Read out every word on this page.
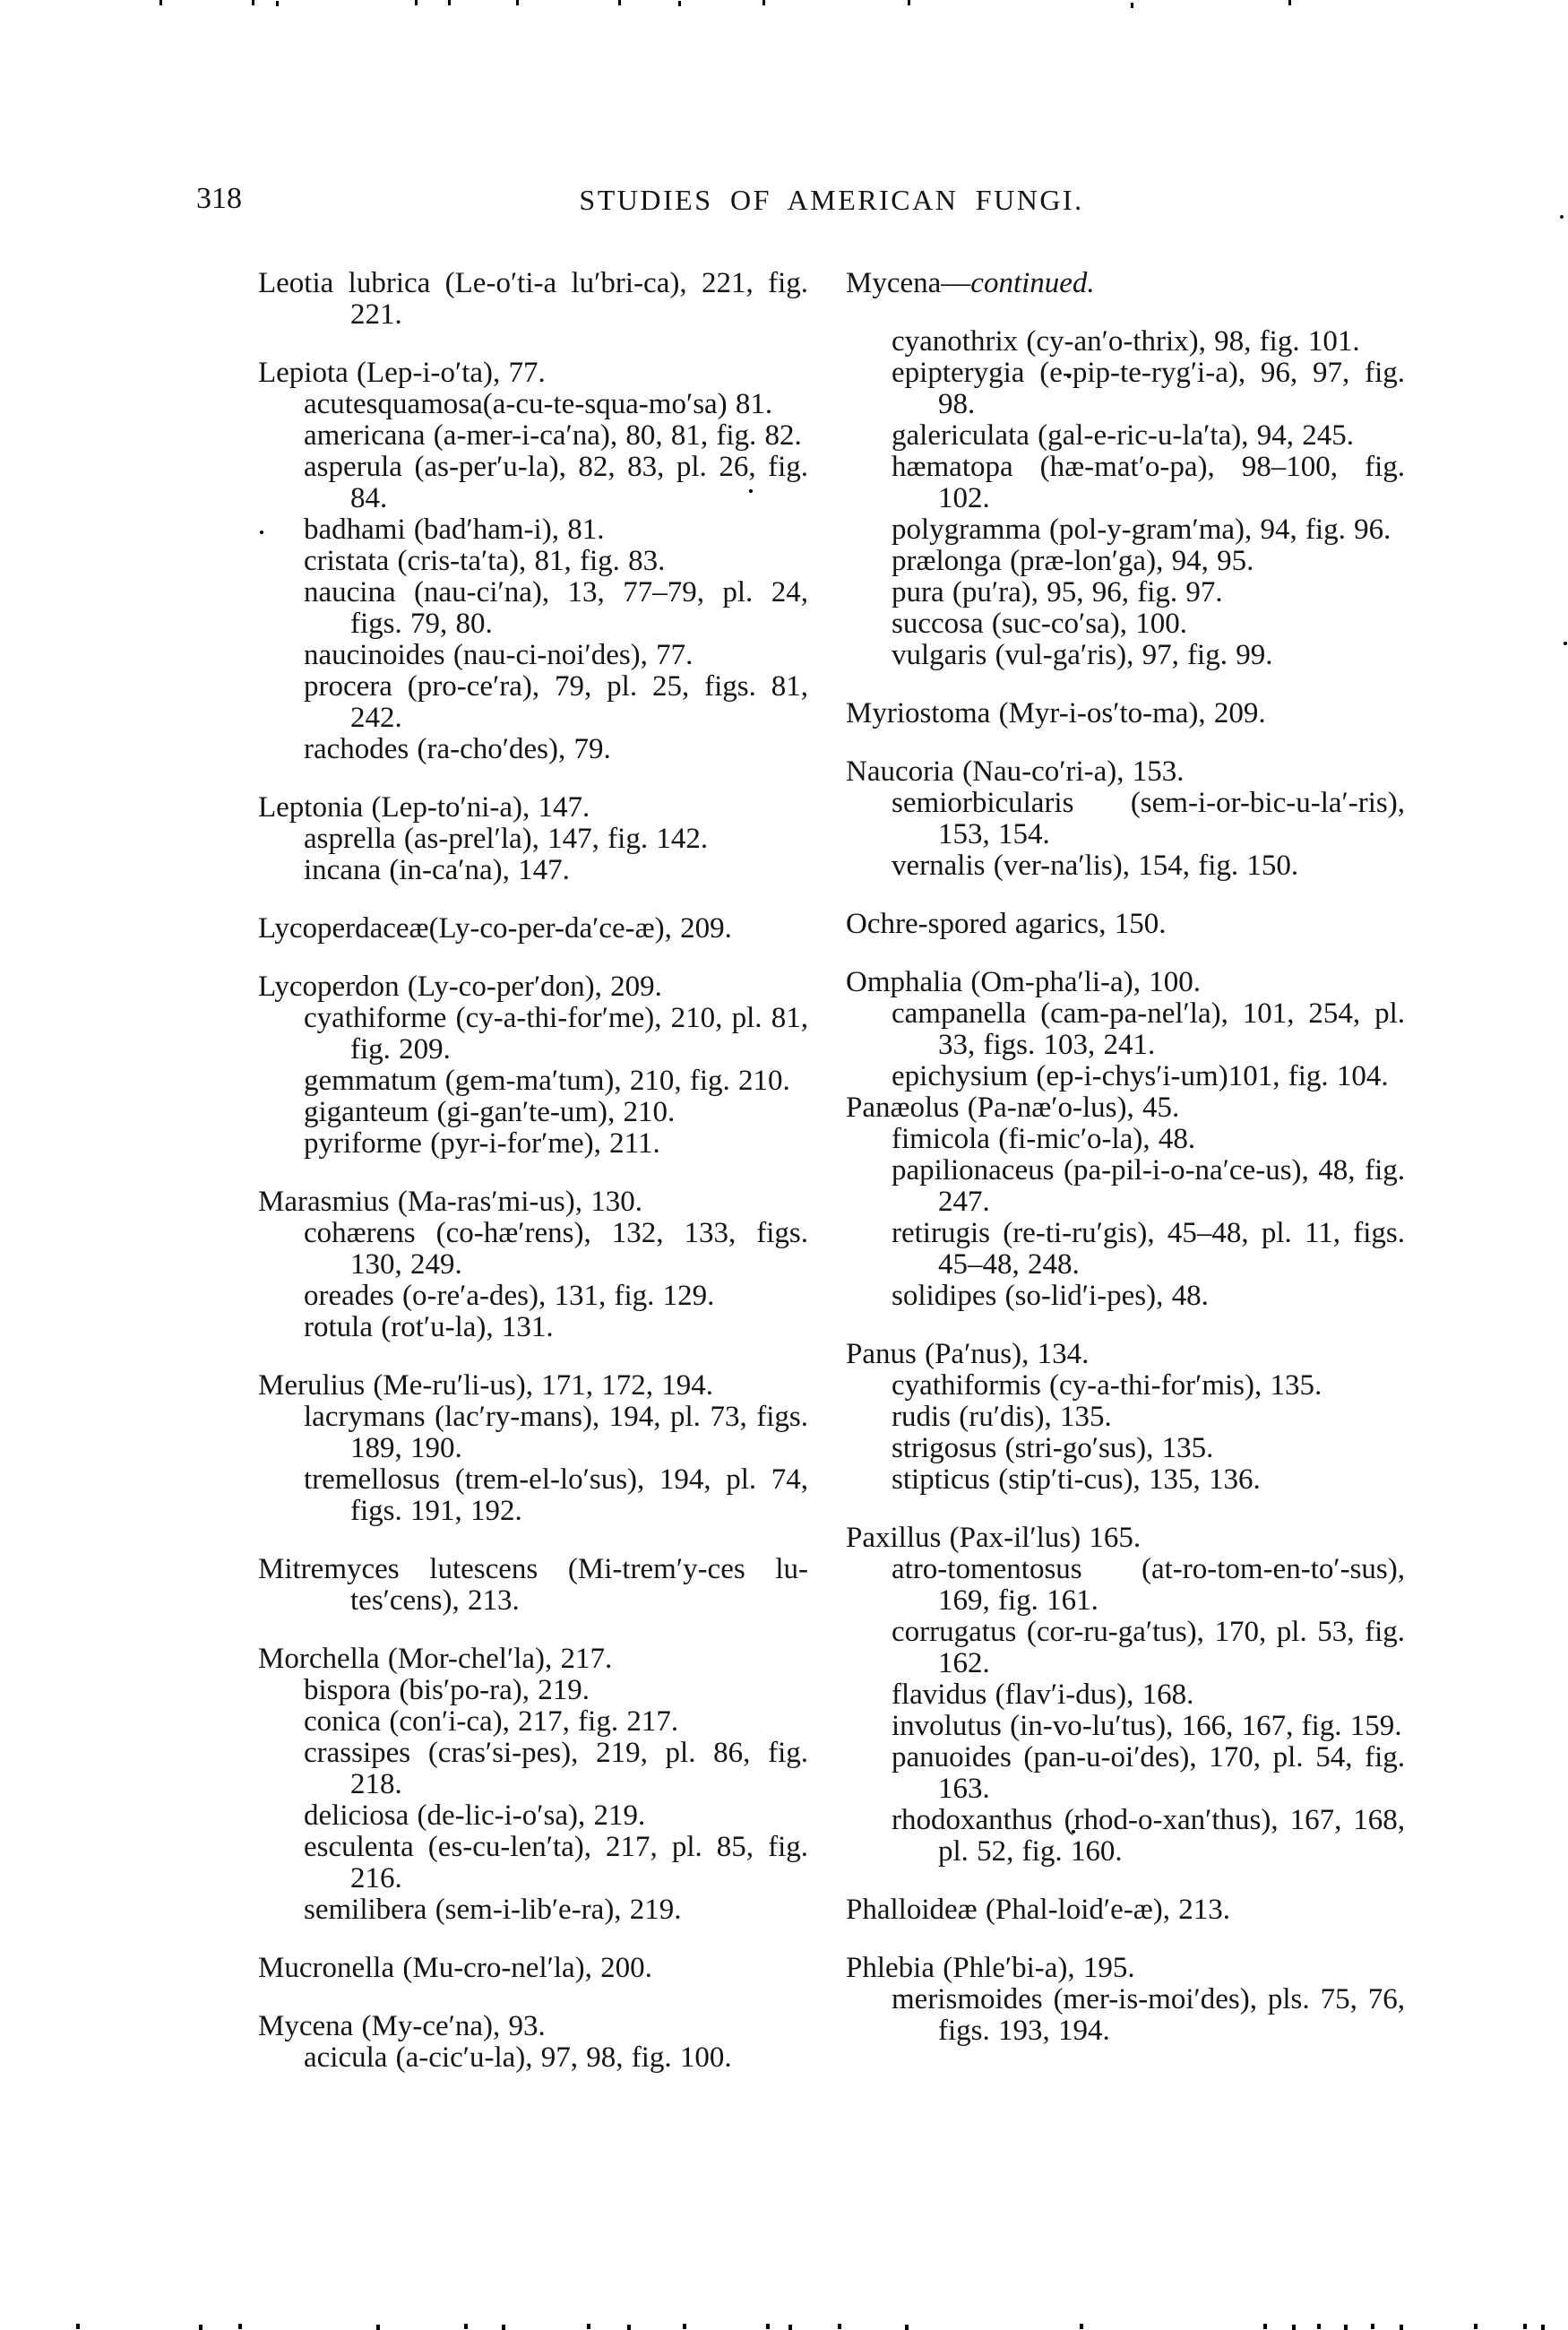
318	STUDIES OF AMERICAN FUNGI.

Leotia lubrica (Le-o′ti-a lu′bri-ca), 221, fig. 221.

Lepiota (Lep-i-o′ta), 77.

acutesquamosa(a-cu-te-squa-mo′sa) 81.

americana (a-mer-i-ca′na), 80, 81, fig. 82.

asperula (as-per′u-la), 82, 83, pl. 26, fig. 84.

badhami (bad′ham-i), 81.

cristata (cris-ta′ta), 81, fig. 83.

naucina (nau-ci′na), 13, 77–79, pl. 24, figs. 79, 80.

naucinoides (nau-ci-noi′des), 77.

procera (pro-ce′ra), 79, pl. 25, figs. 81, 242.

rachodes (ra-cho′des), 79.

Leptonia (Lep-to′ni-a), 147.

asprella (as-prel′la), 147, fig. 142.

incana (in-ca′na), 147.

Lycoperdaceæ(Ly-co-per-da′ce-æ), 209.

Lycoperdon (Ly-co-per′don), 209.

cyathiforme (cy-a-thi-for′me), 210, pl. 81, fig. 209.

gemmatum (gem-ma′tum), 210, fig. 210.

giganteum (gi-gan′te-um), 210.

pyriforme (pyr-i-for′me), 211.

Marasmius (Ma-ras′mi-us), 130.

cohærens (co-hæ′rens), 132, 133, figs. 130, 249.

oreades (o-re′a-des), 131, fig. 129.

rotula (rot′u-la), 131.

Merulius (Me-ru′li-us), 171, 172, 194.

lacrymans (lac′ry-mans), 194, pl. 73, figs. 189, 190.

tremellosus (trem-el-lo′sus), 194, pl. 74, figs. 191, 192.

Mitremyces lutescens (Mi-trem′y-ces lu-tes′cens), 213.

Morchella (Mor-chel′la), 217.

bispora (bis′po-ra), 219.

conica (con′i-ca), 217, fig. 217.

crassipes (cras′si-pes), 219, pl. 86, fig. 218.

deliciosa (de-lic-i-o′sa), 219.

esculenta (es-cu-len′ta), 217, pl. 85, fig. 216.

semilibera (sem-i-lib′e-ra), 219.

Mucronella (Mu-cro-nel′la), 200.

Mycena (My-ce′na), 93.

acicula (a-cic′u-la), 97, 98, fig. 100.

Mycena—continued.

cyanothrix (cy-an′o-thrix), 98, fig. 101.

epipterygia (e-pip-te-ryg′i-a), 96, 97, fig. 98.

galericulata (gal-e-ric-u-la′ta), 94, 245.

hæmatopa (hæ-mat′o-pa), 98–100, fig. 102.

polygramma (pol-y-gram′ma), 94, fig. 96.

prælonga (præ-lon′ga), 94, 95.

pura (pu′ra), 95, 96, fig. 97.

succosa (suc-co′sa), 100.

vulgaris (vul-ga′ris), 97, fig. 99.

Myriostoma (Myr-i-os′to-ma), 209.

Naucoria (Nau-co′ri-a), 153.

semiorbicularis (sem-i-or-bic-u-la′-ris), 153, 154.

vernalis (ver-na′lis), 154, fig. 150.

Ochre-spored agarics, 150.

Omphalia (Om-pha′li-a), 100.

campanella (cam-pa-nel′la), 101, 254, pl. 33, figs. 103, 241.

epichysium (ep-i-chys′i-um)101, fig. 104.

Panæolus (Pa-næ′o-lus), 45.

fimicola (fi-mic′o-la), 48.

papilionaceus (pa-pil-i-o-na′ce-us), 48, fig. 247.

retirugis (re-ti-ru′gis), 45–48, pl. 11, figs. 45–48, 248.

solidipes (so-lid′i-pes), 48.

Panus (Pa′nus), 134.

cyathiformis (cy-a-thi-for′mis), 135.

rudis (ru′dis), 135.

strigosus (stri-go′sus), 135.

stipticus (stip′ti-cus), 135, 136.

Paxillus (Pax-il′lus) 165.

atro-tomentosus (at-ro-tom-en-to′-sus), 169, fig. 161.

corrugatus (cor-ru-ga′tus), 170, pl. 53, fig. 162.

flavidus (flav′i-dus), 168.

involutus (in-vo-lu′tus), 166, 167, fig. 159.

panuoides (pan-u-oi′des), 170, pl. 54, fig. 163.

rhodoxanthus (rhod-o-xan′thus), 167, 168, pl. 52, fig. 160.

Phalloideæ (Phal-loid′e-æ), 213.

Phlebia (Phle′bi-a), 195.

merismoides (mer-is-moi′des), pls. 75, 76, figs. 193, 194.
